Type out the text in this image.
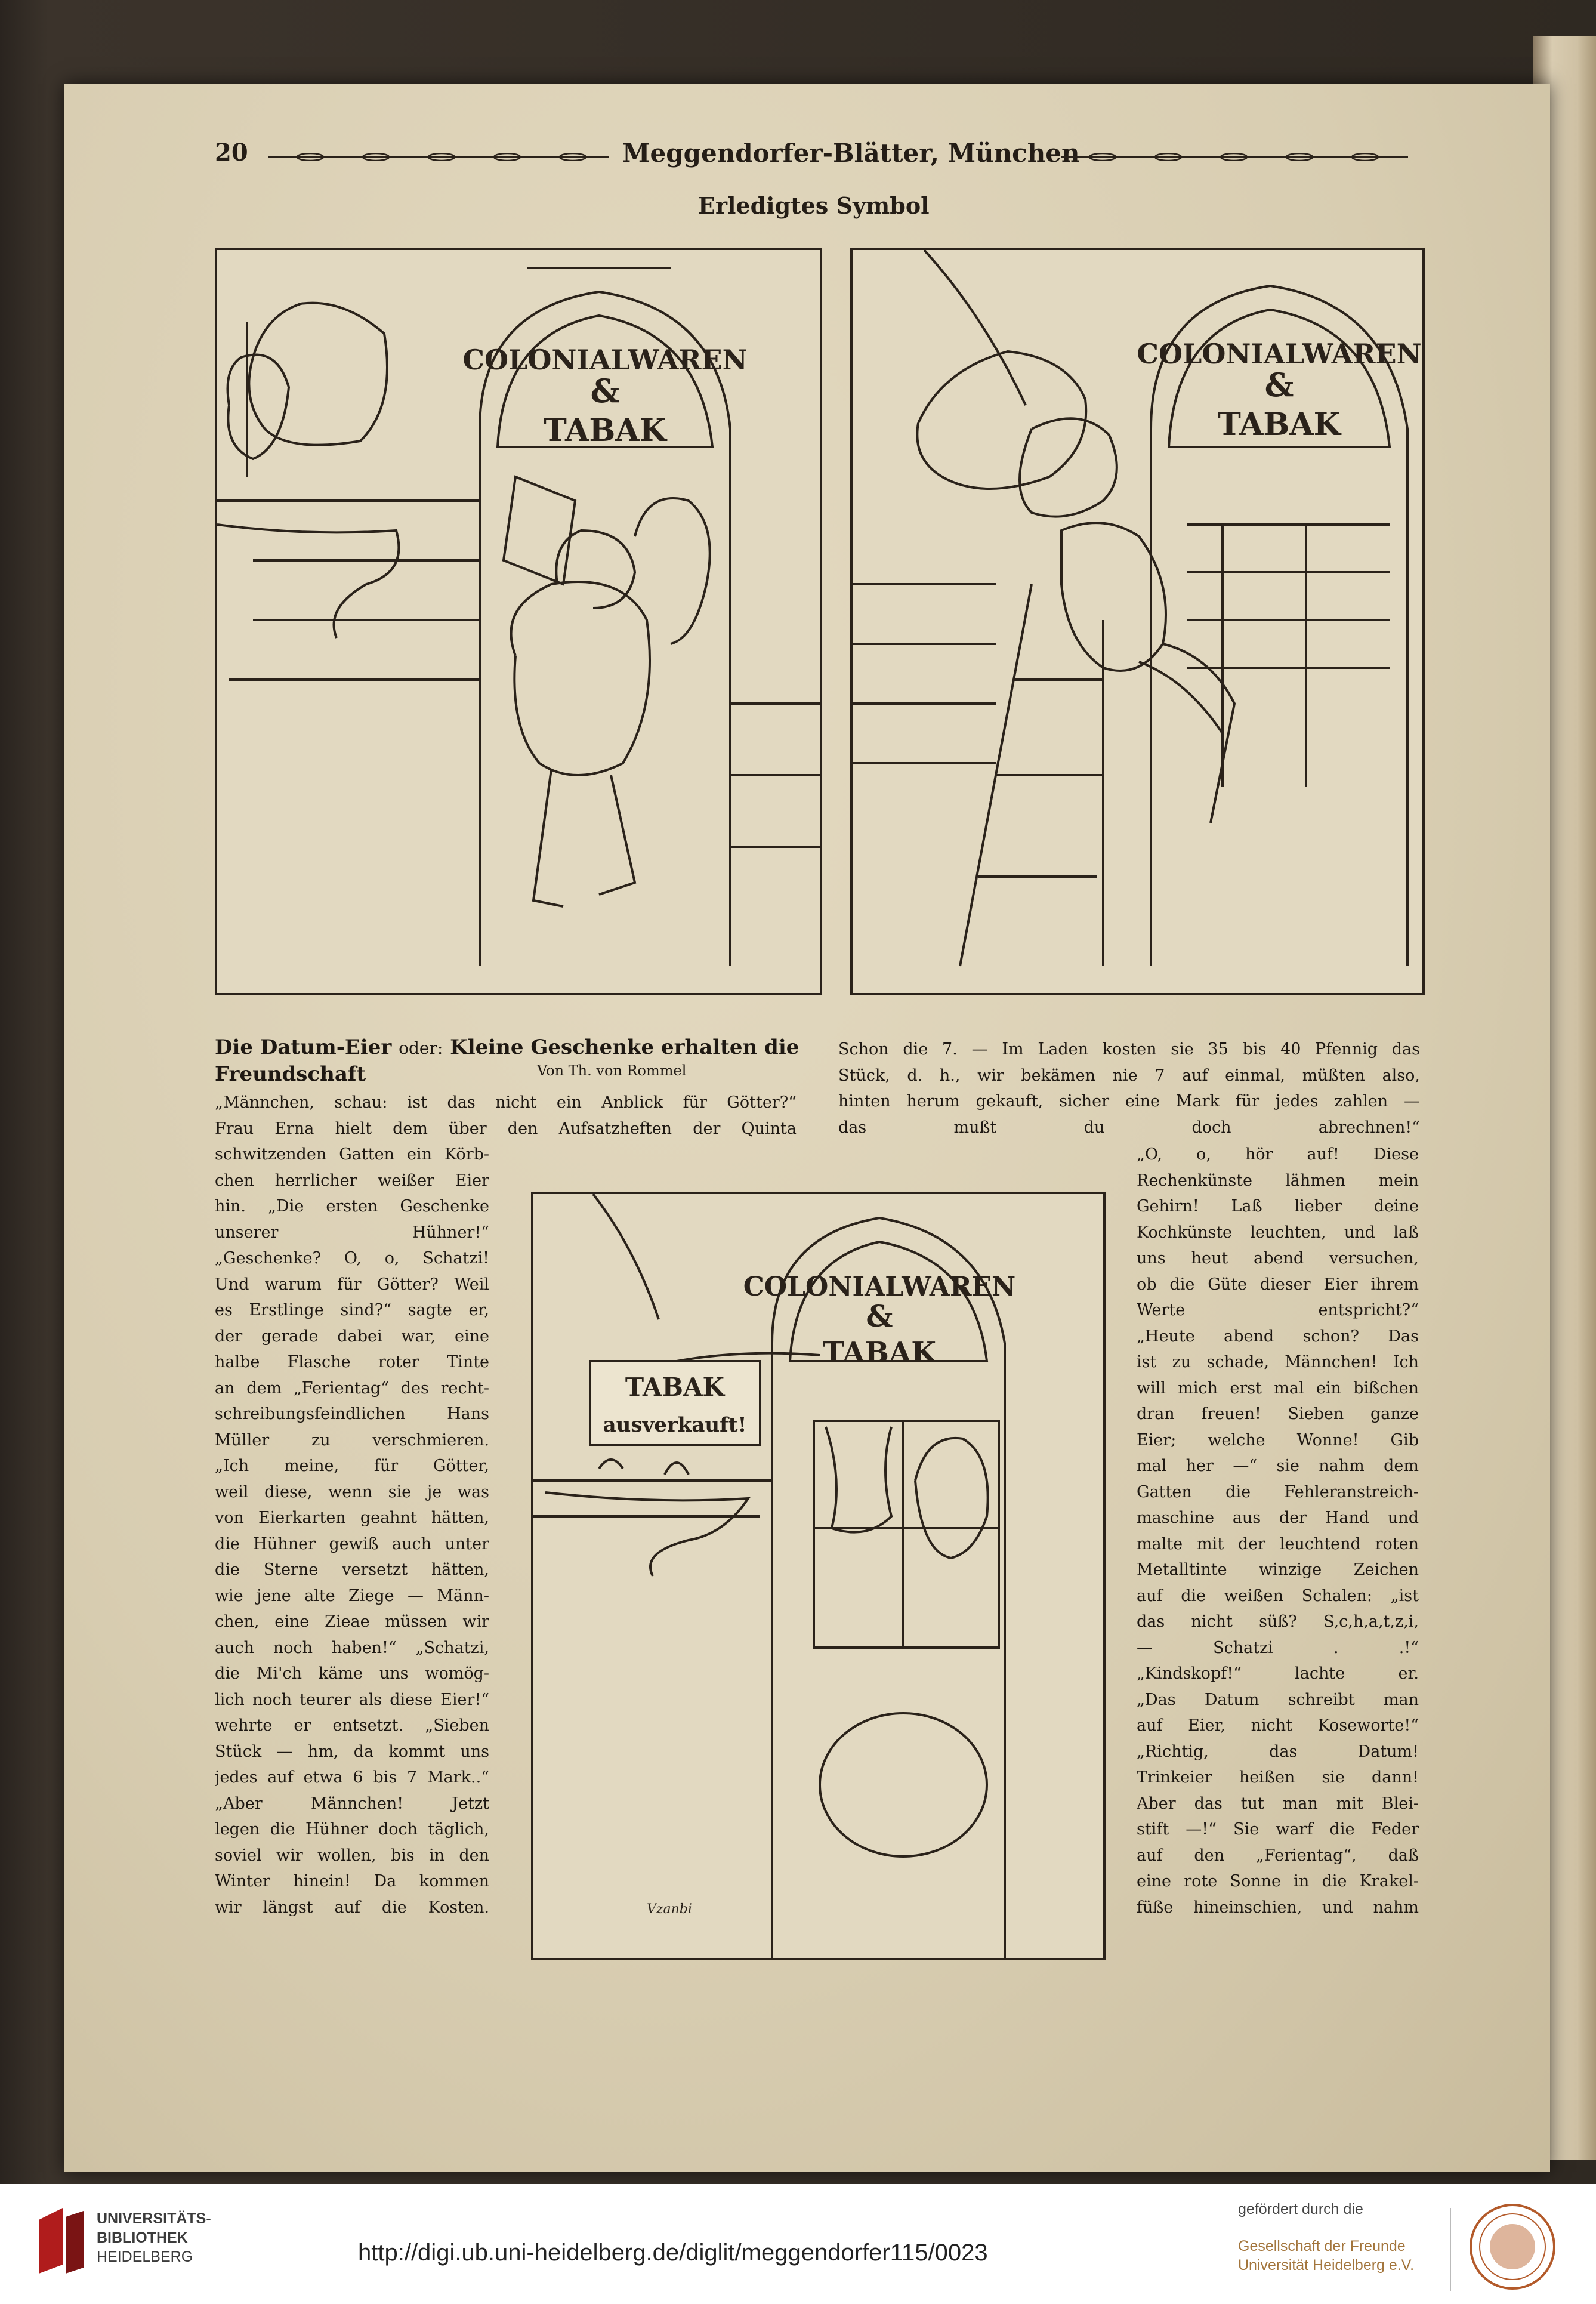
20	Meggendorfer-Blätter, München
Erledigtes Symbol
COLONIALWAREN
&
TABAK
COLONIALWAREN
&
TABAK
TABAK
ausverkauft!
COLONIALWAREN
&
TABAK
Vzanbi
Die Datum-Eier oder: Kleine Geschenke erhalten die
Freundschaft	Von Th. von Rommel

„Männchen, schau: ist das nicht ein Anblick für Götter?“

Frau Erna hielt dem über den Aufsatzheften der Quinta

schwitzenden Gatten ein Körb-

chen herrlicher weißer Eier

hin. „Die ersten Geschenke

unserer Hühner!“

„Geschenke? O, o, Schatzi!

Und warum für Götter? Weil

es Erstlinge sind?“ sagte er,

der gerade dabei war, eine

halbe Flasche roter Tinte

an dem „Ferientag“ des recht-

schreibungsfeindlichen Hans

Müller zu verschmieren.

„Ich meine, für Götter,

weil diese, wenn sie je was

von Eierkarten geahnt hätten,

die Hühner gewiß auch unter

die Sterne versetzt hätten,

wie jene alte Ziege — Männ-

chen, eine Zieae müssen wir

auch noch haben!“ „Schatzi,

die Mi'ch käme uns womög-

lich noch teurer als diese Eier!“

wehrte er entsetzt. „Sieben

Stück — hm, da kommt uns

jedes auf etwa 6 bis 7 Mark..“

„Aber Männchen! Jetzt

legen die Hühner doch täglich,

soviel wir wollen, bis in den

Winter hinein! Da kommen

wir längst auf die Kosten.

Schon die 7. — Im Laden kosten sie 35 bis 40 Pfennig das

Stück, d. h., wir bekämen nie 7 auf einmal, müßten also,

hinten herum gekauft, sicher eine Mark für jedes zahlen —

das mußt du doch abrechnen!“

„O, o, hör auf! Diese

Rechenkünste lähmen mein

Gehirn! Laß lieber deine

Kochkünste leuchten, und laß

uns heut abend versuchen,

ob die Güte dieser Eier ihrem

Werte entspricht?“

„Heute abend schon? Das

ist zu schade, Männchen! Ich

will mich erst mal ein bißchen

dran freuen! Sieben ganze

Eier; welche Wonne! Gib

mal her —“ sie nahm dem

Gatten die Fehleranstreich-

maschine aus der Hand und

malte mit der leuchtend roten

Metalltinte winzige Zeichen

auf die weißen Schalen: „ist

das nicht süß? S,c,h,a,t,z,i,

— Schatzi . .!“

„Kindskopf!“ lachte er.

„Das Datum schreibt man

auf Eier, nicht Koseworte!“

„Richtig, das Datum!

Trinkeier heißen sie dann!

Aber das tut man mit Blei-

stift —!“ Sie warf die Feder

auf den „Ferientag“, daß

eine rote Sonne in die Krakel-

füße hineinschien, und nahm

UNIVERSITÄTS-
BIBLIOTHEK
HEIDELBERG	http://digi.ub.uni-heidelberg.de/diglit/meggendorfer115/0023
gefördert durch die
Gesellschaft der Freunde
Universität Heidelberg e.V.
